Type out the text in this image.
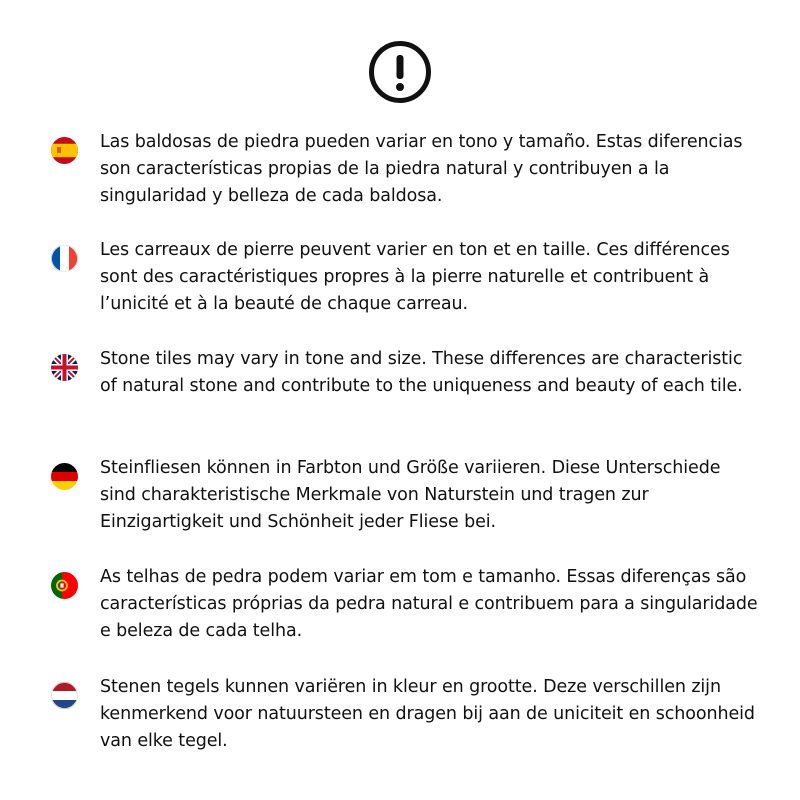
Las baldosas de piedra pueden variar en tono y tamaño. Estas diferencias son características propias de la piedra natural y contribuyen a la singularidad y belleza de cada baldosa.

Les carreaux de pierre peuvent varier en ton et en taille. Ces différences sont des caractéristiques propres à la pierre naturelle et contribuent à l’unicité et à la beauté de chaque carreau.

Stone tiles may vary in tone and size. These differences are characteristic of natural stone and contribute to the uniqueness and beauty of each tile.

Steinfliesen können in Farbton und Größe variieren. Diese Unterschiede sind charakteristische Merkmale von Naturstein und tragen zur Einzigartigkeit und Schönheit jeder Fliese bei.

As telhas de pedra podem variar em tom e tamanho. Essas diferenças são características próprias da pedra natural e contribuem para a singularidade e beleza de cada telha.

Stenen tegels kunnen variëren in kleur en grootte. Deze verschillen zijn kenmerkend voor natuursteen en dragen bij aan de uniciteit en schoonheid van elke tegel.
